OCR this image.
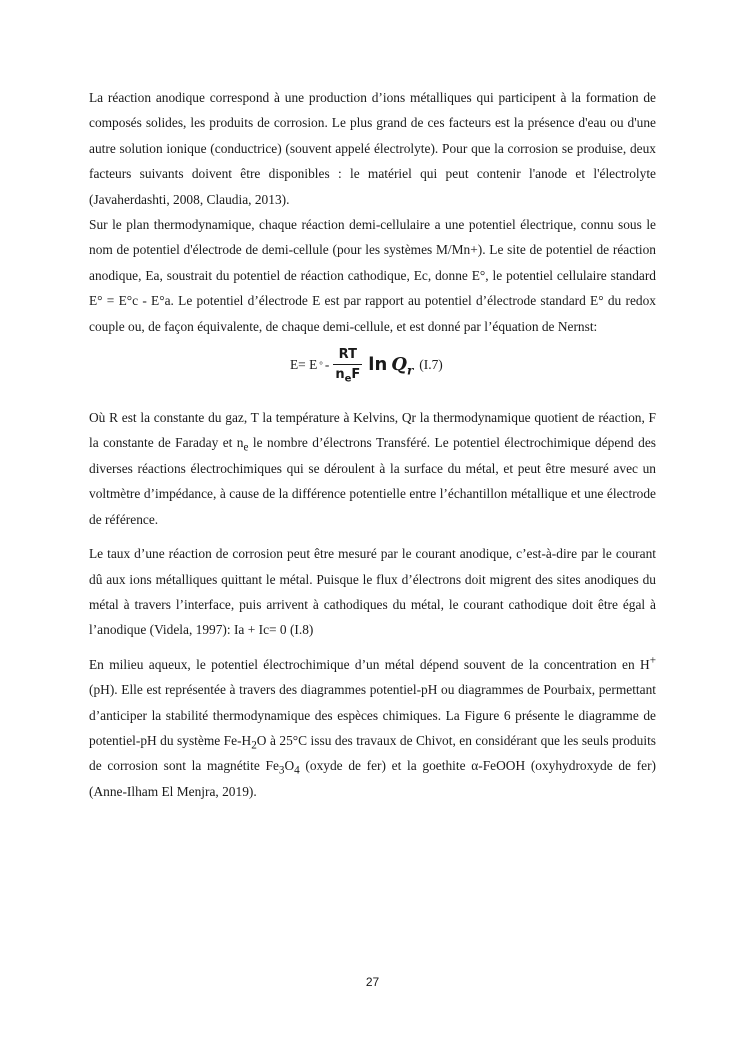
La réaction anodique correspond à une production d’ions métalliques qui participent à la formation de composés solides, les produits de corrosion. Le plus grand de ces facteurs est la présence d'eau ou d'une autre solution ionique (conductrice) (souvent appelé électrolyte). Pour que la corrosion se produise, deux facteurs suivants doivent être disponibles : le matériel qui peut contenir l'anode et l'électrolyte (Javaherdashti, 2008, Claudia, 2013).

Sur le plan thermodynamique, chaque réaction demi-cellulaire a une potentiel électrique, connu sous le nom de potentiel d'électrode de demi-cellule (pour les systèmes M/Mn+). Le site de potentiel de réaction anodique, Ea, soustrait du potentiel de réaction cathodique, Ec, donne E°, le potentiel cellulaire standard E° = E°c - E°a. Le potentiel d’électrode E est par rapport au potentiel d’électrode standard E° du redox couple ou, de façon équivalente, de chaque demi-cellule, et est donné par l’équation de Nernst:

E= E ° - $\frac{RT}{n_eF}$ $\ln Q_r$ (I.7)

Où R est la constante du gaz, T la température à Kelvins, Qr la thermodynamique quotient de réaction, F la constante de Faraday et $n_e$ le nombre d’électrons Transféré. Le potentiel électrochimique dépend des diverses réactions électrochimiques qui se déroulent à la surface du métal, et peut être mesuré avec un voltmètre d’impédance, à cause de la différence potentielle entre l’échantillon métallique et une électrode de référence.

Le taux d’une réaction de corrosion peut être mesuré par le courant anodique, c’est-à-dire par le courant dû aux ions métalliques quittant le métal. Puisque le flux d’électrons doit migrent des sites anodiques du métal à travers l’interface, puis arrivent à cathodiques du métal, le courant cathodique doit être égal à l’anodique (Videla, 1997): Ia + Ic= 0 (I.8)

En milieu aqueux, le potentiel électrochimique d’un métal dépend souvent de la concentration en H+ (pH). Elle est représentée à travers des diagrammes potentiel-pH ou diagrammes de Pourbaix, permettant d’anticiper la stabilité thermodynamique des espèces chimiques. La Figure 6 présente le diagramme de potentiel-pH du système $Fe-H_2O$ à 25°C issu des travaux de Chivot, en considérant que les seuls produits de corrosion sont la magnétite $Fe_3O_4$ (oxyde de fer) et la goethite α-FeOOH (oxyhydroxyde de fer) (Anne-Ilham El Menjra, 2019).

27
